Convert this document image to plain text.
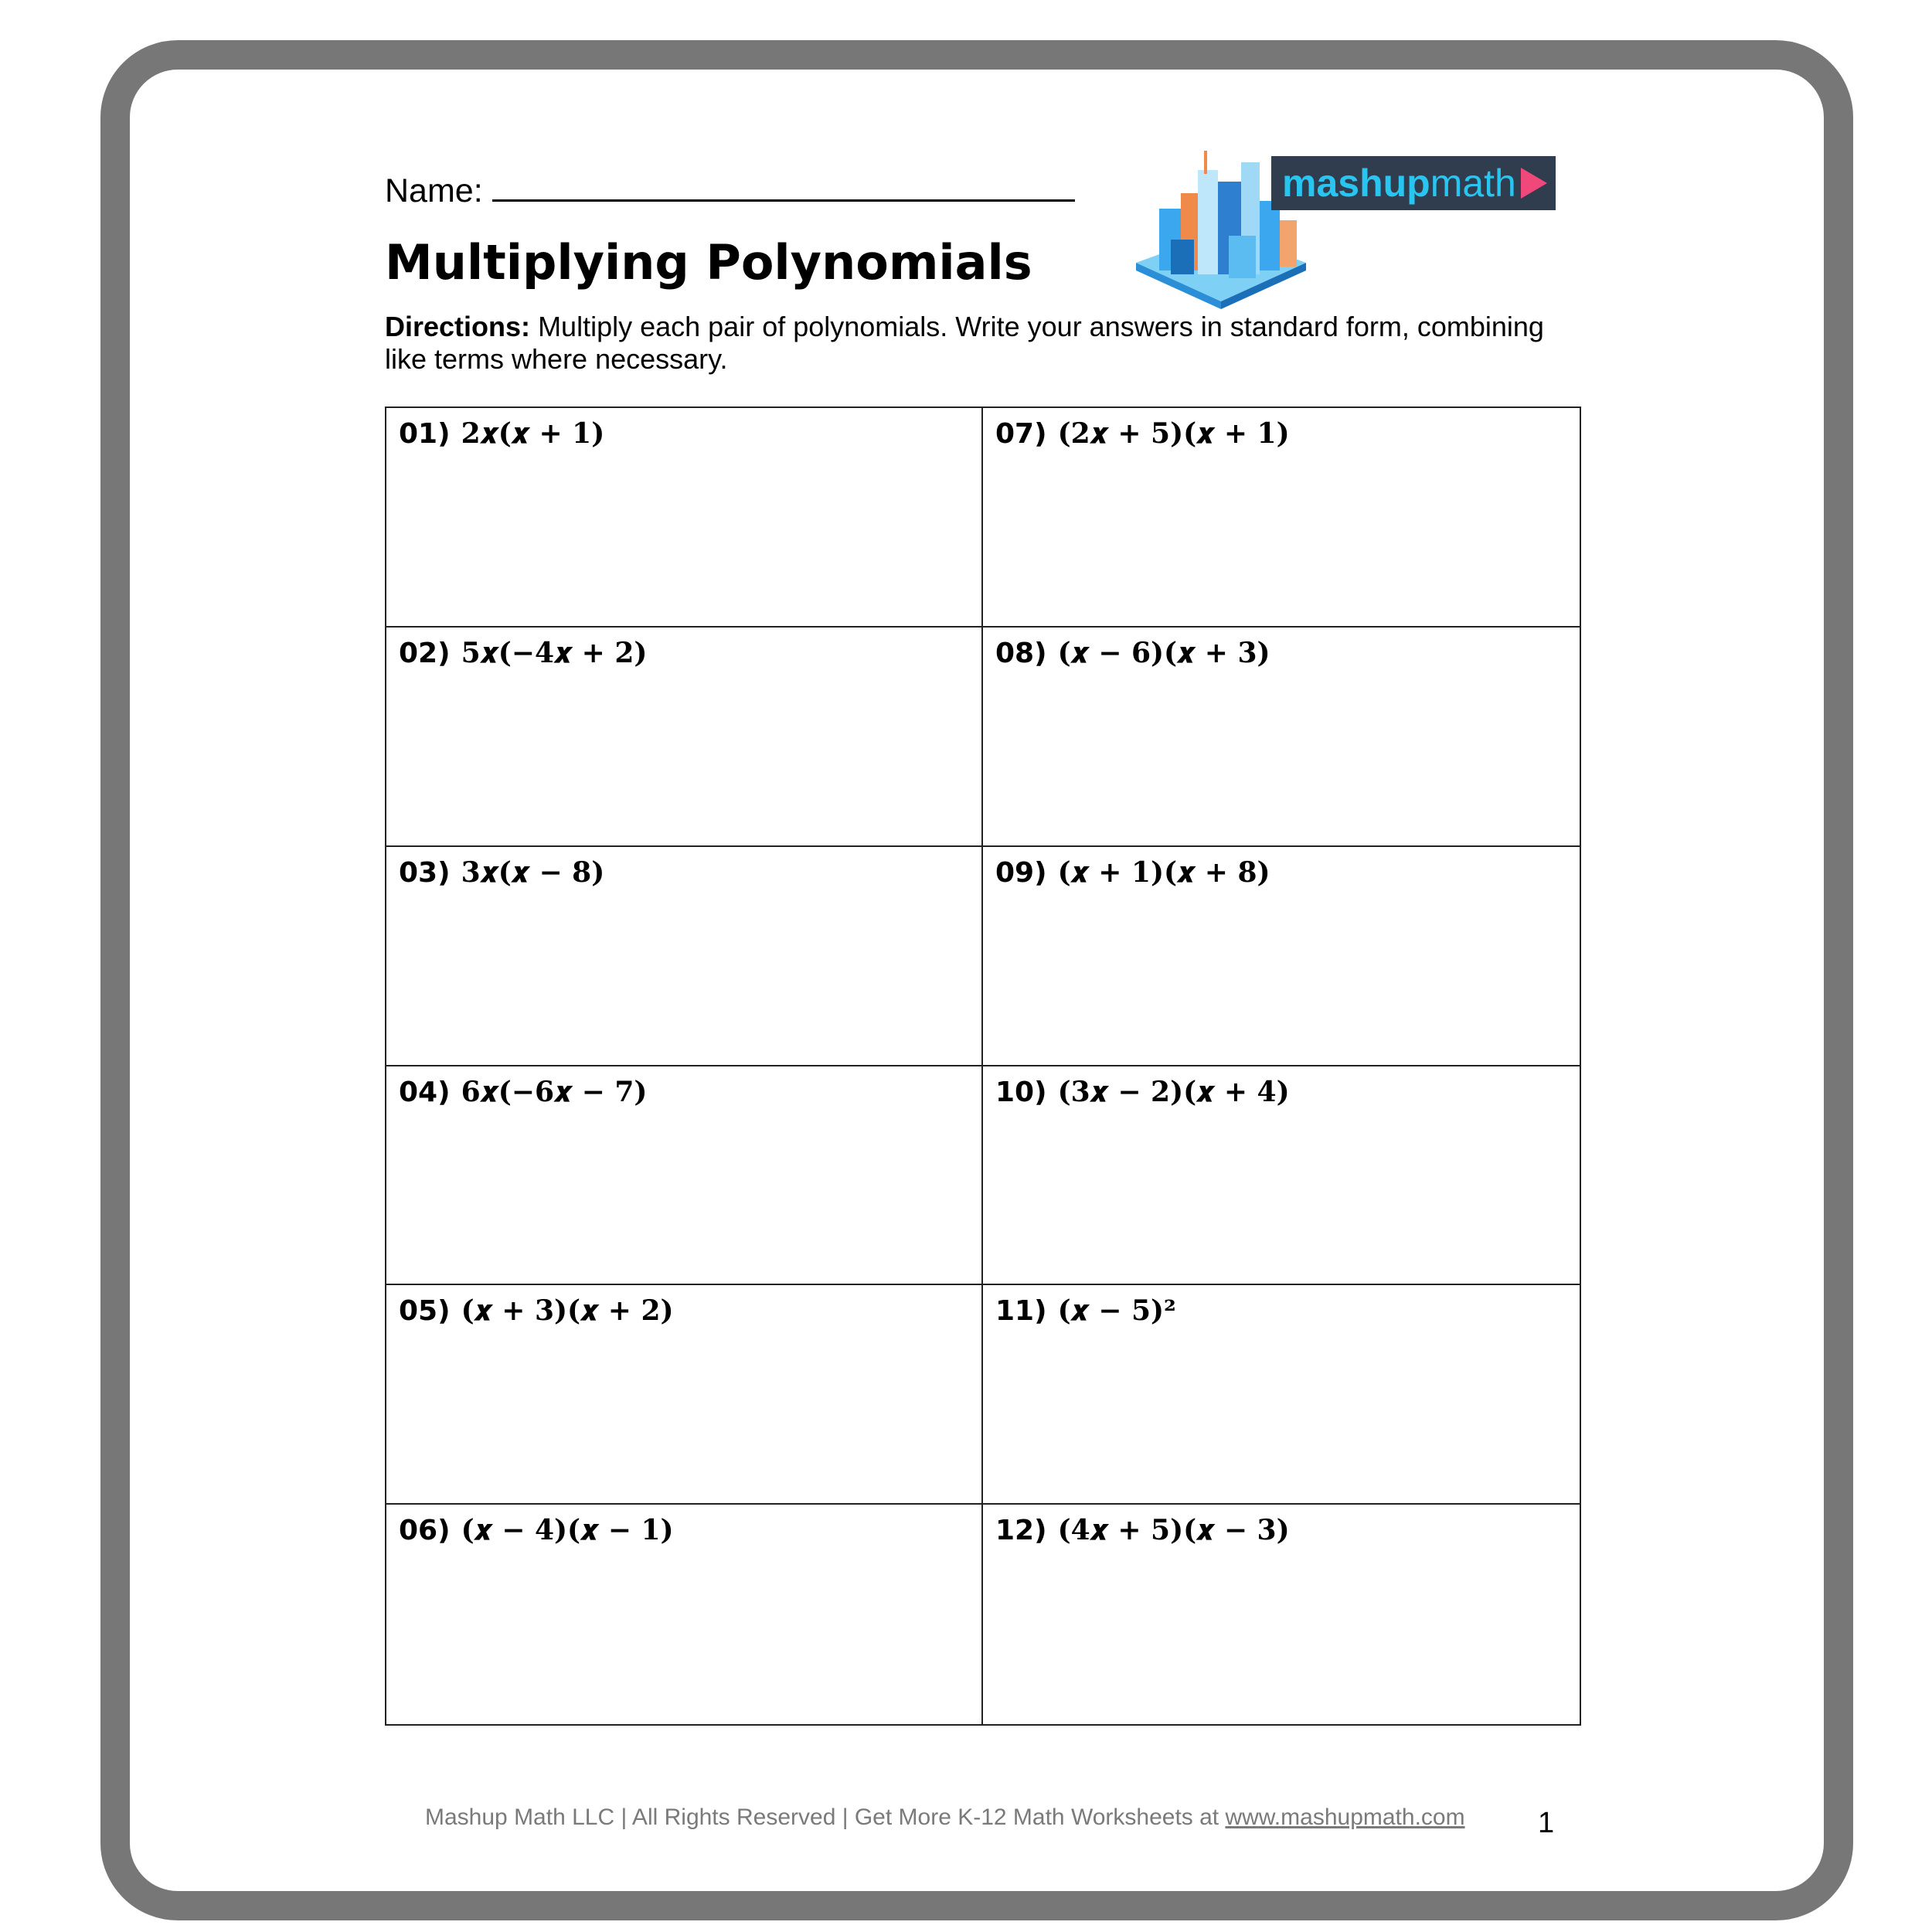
Name:
Multiplying Polynomials
Directions: Multiply each pair of polynomials. Write your answers in standard form, combining like terms where necessary.
mashup math
01) 2𝒙(𝒙 + 𝟏)	07) (𝟐𝒙 + 𝟓)(𝒙 + 𝟏)
02) 5𝒙(−𝟒𝒙 + 𝟐)	08) (𝒙 − 𝟔)(𝒙 + 𝟑)
03) 3𝒙(𝒙 − 𝟖)	09) (𝒙 + 𝟏)(𝒙 + 𝟖)
04) 6𝒙(−𝟔𝒙 − 𝟕)	10) (𝟑𝒙 − 𝟐)(𝒙 + 𝟒)
05) (𝒙 + 𝟑)(𝒙 + 𝟐)	11) (𝒙 − 𝟓)²
06) (𝒙 − 𝟒)(𝒙 − 𝟏)	12) (𝟒𝒙 + 𝟓)(𝒙 − 𝟑)
Mashup Math LLC | All Rights Reserved | Get More K-12 Math Worksheets at www.mashupmath.com 1
